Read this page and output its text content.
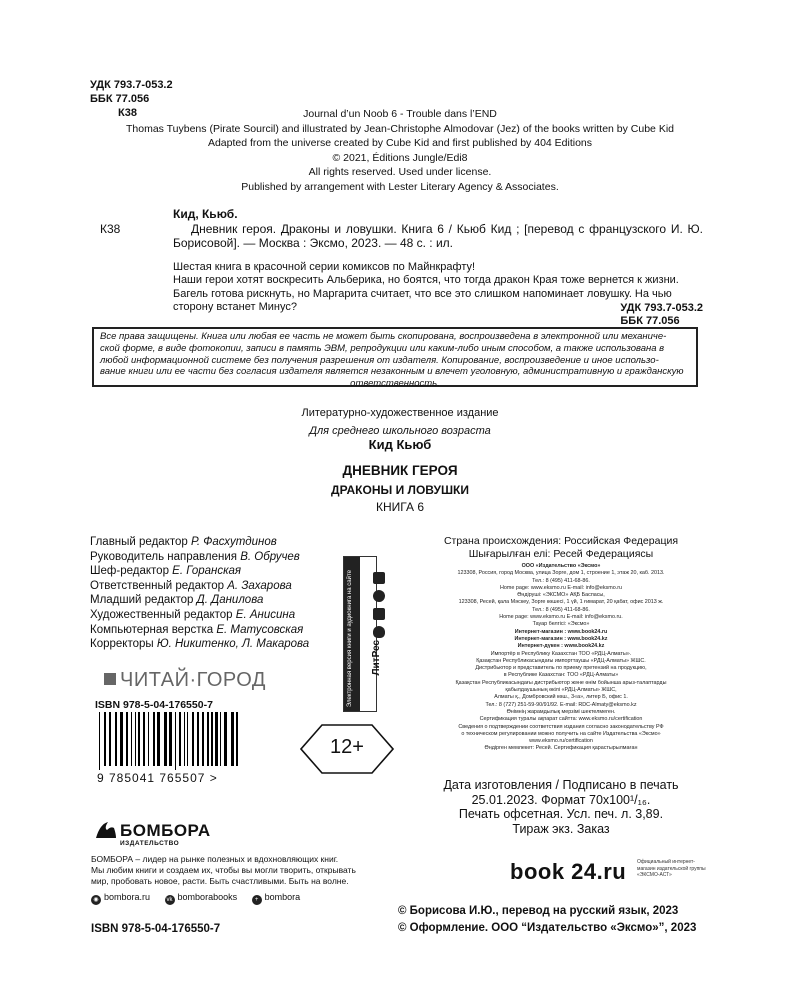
УДК 793.7-053.2
ББК 77.056
К38	Journal d’un Noob 6 - Trouble dans l’END
Thomas Tuybens (Pirate Sourcil) and illustrated by Jean-Christophe Almodovar (Jez) of the books written by Cube Kid
Adapted from the universe created by Cube Kid and first published by 404 Editions
© 2021, Éditions Jungle/Edi8
All rights reserved. Used under license.
Published by arrangement with Lester Literary Agency & Associates.
К38
Кид, Кьюб.
Дневник героя. Драконы и ловушки. Книга 6 / Кьюб Кид ; [перевод с французского И. Ю. Борисовой]. — Москва : Эксмо, 2023. — 48 с. : ил.

Шестая книга в красочной серии комиксов по Майнкрафту!

Наши герои хотят воскресить Альберика, но боятся, что тогда дракон Края тоже вернется к жизни. Багель готова рискнуть, но Маргарита считает, что все это слишком напоминает ловушку. На чью сторону встанет Минус?	УДК 793.7-053.2
ББК 77.056
Все права защищены. Книга или любая ее часть не может быть скопирована, воспроизведена в электронной или механиче-
ской форме, в виде фотокопии, записи в память ЭВМ, репродукции или каким-либо иным способом, а также использована в
любой информационной системе без получения разрешения от издателя. Копирование, воспроизведение и иное использо-
вание книги или ее части без согласия издателя является незаконным и влечет уголовную, административную и гражданскую
ответственность.
Литературно-художественное издание
Для среднего школьного возраста
Кид Кьюб
ДНЕВНИК ГЕРОЯ
ДРАКОНЫ И ЛОВУШКИ
КНИГА 6
Главный редактор Р. Фасхутдинов
Руководитель направления В. Обручев
Шеф-редактор Е. Горанская
Ответственный редактор А. Захарова
Младший редактор Д. Данилова
Художественный редактор Е. Анисина
Компьютерная верстка Е. Матусовская
Корректоры Ю. Никитенко, Л. Макарова	Электронная версия книги и аудиокнига на сайте ЛитРес
ЧИТАЙ·ГОРОД
ISBN 978-5-04-176550-7
9 785041 765507 >
12+
Страна происхождения: Российская Федерация
Шығарылған елі: Ресей Федерациясы
ООО «Издательство «Эксмо»
123308, Россия, город Москва, улица Зорге, дом 1, строение 1, этаж 20, каб. 2013.
Тел.: 8 (495) 411-68-86.
Home page: www.eksmo.ru E-mail: info@eksmo.ru
Өндіруші: «ЭКСМО» АҚБ Баспасы,
123308, Ресей, қала Мәскеу, Зорге көшесі, 1 үй, 1 ғимарат, 20 қабат, офис 2013 ж.
Тел.: 8 (495) 411-68-86.
Home page: www.eksmo.ru E-mail: info@eksmo.ru.
Тауар белгісі: «Эксмо»
Интернет-магазин : www.book24.ru
Интернет-магазин : www.book24.kz
Интернет-дүкен : www.book24.kz
Импортёр в Республику Казахстан ТОО «РДЦ-Алматы».
Қазақстан Республикасындағы импорттаушы «РДЦ-Алматы» ЖШС.
Дистрибьютор и представитель по приему претензий на продукцию,
в Республике Казахстан: ТОО «РДЦ-Алматы»
Қазақстан Республикасындағы дистрибьютор және өнім бойынша арыз-талаптарды
қабылдаушының өкілі «РДЦ-Алматы» ЖШС,
Алматы қ., Домбровский көш., 3«а», литер Б, офис 1.
Тел.: 8 (727) 251-59-90/91/92. E-mail: RDC-Almaty@eksmo.kz
Өнімнің жарамдылық мерзімі шектелмеген.
Сертификация туралы ақпарат сайтта: www.eksmo.ru/certification
Сведения о подтверждении соответствия издания согласно законодательству РФ
о техническом регулировании можно получить на сайте Издательства «Эксмо»
www.eksmo.ru/certification
Өндірген мемлекет: Ресей. Сертификация қарастырылмаған
Дата изготовления / Подписано в печать
25.01.2023. Формат 70x100¹/₁₆.
Печать офсетная. Усл. печ. л. 3,89.
Тираж экз. Заказ
БОМБОРА
ИЗДАТЕЛЬСТВО
БОМБОРА – лидер на рынке полезных и вдохновляющих книг.
Мы любим книги и создаем их, чтобы вы могли творить, открывать
мир, пробовать новое, расти. Быть счастливыми. Быть на волне.
◉ bombora.ru	vk bomborabooks	+ bombora
ISBN 978-5-04-176550-7
book 24.ru Официальный интернет-магазин издательской группы «ЭКСМО-АСТ»
© Борисова И.Ю., перевод на русский язык, 2023
© Оформление. ООО “Издательство «Эксмо»”, 2023
